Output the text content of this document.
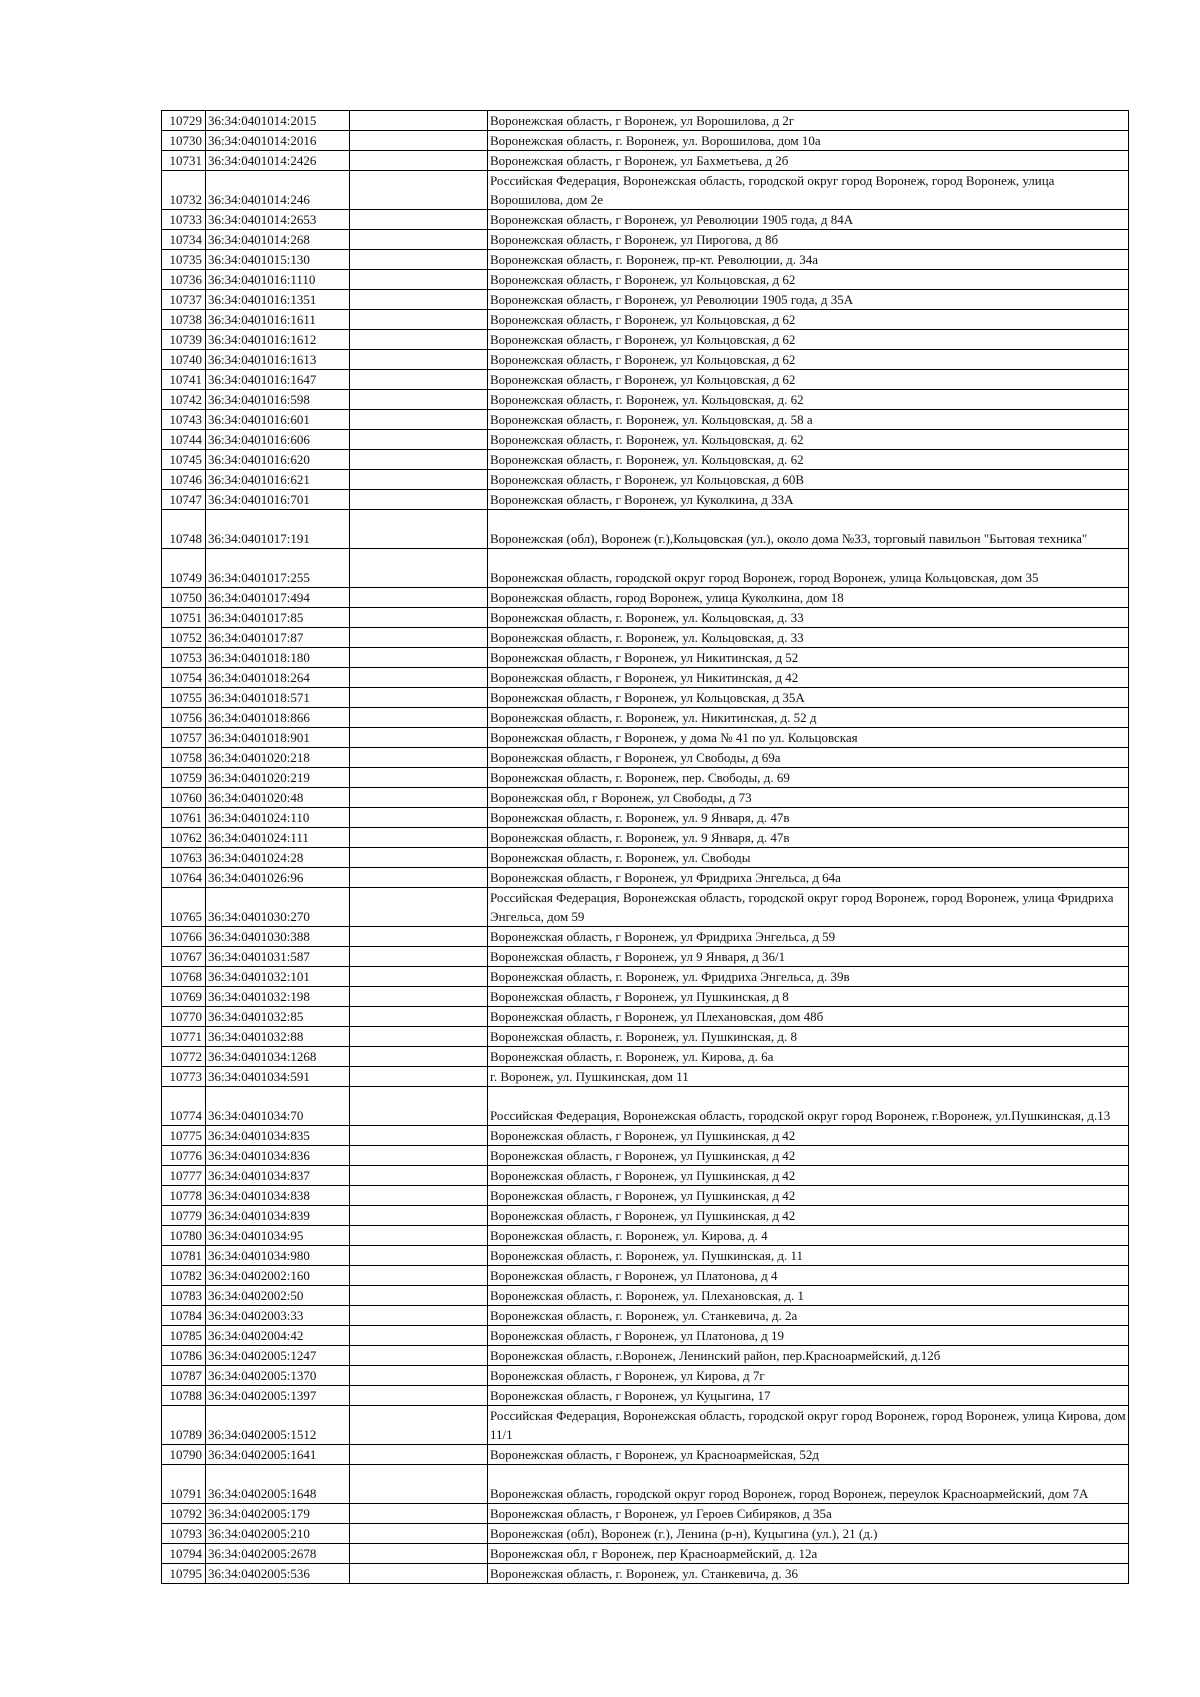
10729	36:34:0401014:2015		Воронежская область, г Воронеж, ул Ворошилова, д 2г
10730	36:34:0401014:2016		Воронежская область, г. Воронеж, ул. Ворошилова, дом 10а
10731	36:34:0401014:2426		Воронежская область, г Воронеж, ул Бахметьева, д 2б
10732	36:34:0401014:246		Российская Федерация, Воронежская область, городской округ город Воронеж, город Воронеж, улица Ворошилова, дом 2е
10733	36:34:0401014:2653		Воронежская область, г Воронеж, ул Революции 1905 года, д 84А
10734	36:34:0401014:268		Воронежская область, г Воронеж, ул Пирогова, д 8б
10735	36:34:0401015:130		Воронежская область, г. Воронеж, пр-кт. Революции, д. 34а
10736	36:34:0401016:1110		Воронежская область, г Воронеж, ул Кольцовская, д 62
10737	36:34:0401016:1351		Воронежская область, г Воронеж, ул Революции 1905 года, д 35А
10738	36:34:0401016:1611		Воронежская область, г Воронеж, ул Кольцовская, д 62
10739	36:34:0401016:1612		Воронежская область, г Воронеж, ул Кольцовская, д 62
10740	36:34:0401016:1613		Воронежская область, г Воронеж, ул Кольцовская, д 62
10741	36:34:0401016:1647		Воронежская область, г Воронеж, ул Кольцовская, д 62
10742	36:34:0401016:598		Воронежская область, г. Воронеж, ул. Кольцовская, д. 62
10743	36:34:0401016:601		Воронежская область, г. Воронеж, ул. Кольцовская, д. 58 а
10744	36:34:0401016:606		Воронежская область, г. Воронеж, ул. Кольцовская, д. 62
10745	36:34:0401016:620		Воронежская область, г. Воронеж, ул. Кольцовская, д. 62
10746	36:34:0401016:621		Воронежская область, г Воронеж, ул Кольцовская, д 60В
10747	36:34:0401016:701		Воронежская область, г Воронеж, ул Куколкина, д 33А
10748	36:34:0401017:191		Воронежская (обл), Воронеж (г.),Кольцовская (ул.), около дома №33, торговый павильон "Бытовая техника"
10749	36:34:0401017:255		Воронежская область, городской округ город Воронеж, город Воронеж, улица Кольцовская, дом 35
10750	36:34:0401017:494		Воронежская область, город Воронеж, улица Куколкина, дом 18
10751	36:34:0401017:85		Воронежская область, г. Воронеж, ул. Кольцовская, д. 33
10752	36:34:0401017:87		Воронежская область, г. Воронеж, ул. Кольцовская, д. 33
10753	36:34:0401018:180		Воронежская область, г Воронеж, ул Никитинская, д 52
10754	36:34:0401018:264		Воронежская область, г Воронеж, ул Никитинская, д 42
10755	36:34:0401018:571		Воронежская область, г Воронеж, ул Кольцовская, д 35А
10756	36:34:0401018:866		Воронежская область, г. Воронеж, ул. Никитинская, д. 52 д
10757	36:34:0401018:901		Воронежская область, г Воронеж, у дома № 41 по ул. Кольцовская
10758	36:34:0401020:218		Воронежская область, г Воронеж, ул Свободы, д 69а
10759	36:34:0401020:219		Воронежская область, г. Воронеж, пер. Свободы, д. 69
10760	36:34:0401020:48		Воронежская обл, г Воронеж, ул Свободы, д 73
10761	36:34:0401024:110		Воронежская область, г. Воронеж, ул. 9 Января, д. 47в
10762	36:34:0401024:111		Воронежская область, г. Воронеж, ул. 9 Января, д. 47в
10763	36:34:0401024:28		Воронежская область, г. Воронеж, ул. Свободы
10764	36:34:0401026:96		Воронежская область, г Воронеж, ул Фридриха Энгельса, д 64а
10765	36:34:0401030:270		Российская Федерация, Воронежская область, городской округ город Воронеж, город Воронеж, улица Фридриха Энгельса, дом 59
10766	36:34:0401030:388		Воронежская область, г Воронеж, ул Фридриха Энгельса, д 59
10767	36:34:0401031:587		Воронежская область, г Воронеж, ул 9 Января, д 36/1
10768	36:34:0401032:101		Воронежская область, г. Воронеж, ул. Фридриха Энгельса, д. 39в
10769	36:34:0401032:198		Воронежская область, г Воронеж, ул Пушкинская, д 8
10770	36:34:0401032:85		Воронежская область, г Воронеж, ул Плехановская, дом 48б
10771	36:34:0401032:88		Воронежская область, г. Воронеж, ул. Пушкинская, д. 8
10772	36:34:0401034:1268		Воронежская область, г. Воронеж, ул. Кирова, д. 6а
10773	36:34:0401034:591		г. Воронеж, ул. Пушкинская, дом 11
10774	36:34:0401034:70		Российская Федерация, Воронежская область, городской округ город Воронеж, г.Воронеж, ул.Пушкинская, д.13
10775	36:34:0401034:835		Воронежская область, г Воронеж, ул Пушкинская, д 42
10776	36:34:0401034:836		Воронежская область, г Воронеж, ул Пушкинская, д 42
10777	36:34:0401034:837		Воронежская область, г Воронеж, ул Пушкинская, д 42
10778	36:34:0401034:838		Воронежская область, г Воронеж, ул Пушкинская, д 42
10779	36:34:0401034:839		Воронежская область, г Воронеж, ул Пушкинская, д 42
10780	36:34:0401034:95		Воронежская область, г. Воронеж, ул. Кирова, д. 4
10781	36:34:0401034:980		Воронежская область, г. Воронеж, ул. Пушкинская, д. 11
10782	36:34:0402002:160		Воронежская область, г Воронеж, ул Платонова, д 4
10783	36:34:0402002:50		Воронежская область, г. Воронеж, ул. Плехановская, д. 1
10784	36:34:0402003:33		Воронежская область, г. Воронеж, ул. Станкевича, д. 2а
10785	36:34:0402004:42		Воронежская область, г Воронеж, ул Платонова, д 19
10786	36:34:0402005:1247		Воронежская область, г.Воронеж, Ленинский район, пер.Красноармейский, д.12б
10787	36:34:0402005:1370		Воронежская область, г Воронеж, ул Кирова, д 7г
10788	36:34:0402005:1397		Воронежская область, г Воронеж, ул Куцыгина, 17
10789	36:34:0402005:1512		Российская Федерация, Воронежская область, городской округ город Воронеж, город Воронеж, улица Кирова, дом 11/1
10790	36:34:0402005:1641		Воронежская область, г Воронеж, ул Красноармейская, 52д
10791	36:34:0402005:1648		Воронежская область, городской округ город Воронеж, город Воронеж, переулок Красноармейский, дом 7А
10792	36:34:0402005:179		Воронежская область, г Воронеж, ул Героев Сибиряков, д 35а
10793	36:34:0402005:210		Воронежская (обл), Воронеж (г.), Ленина (р-н), Куцыгина (ул.), 21 (д.)
10794	36:34:0402005:2678		Воронежская обл, г Воронеж, пер Красноармейский, д. 12а
10795	36:34:0402005:536		Воронежская область, г. Воронеж, ул. Станкевича, д. 36
